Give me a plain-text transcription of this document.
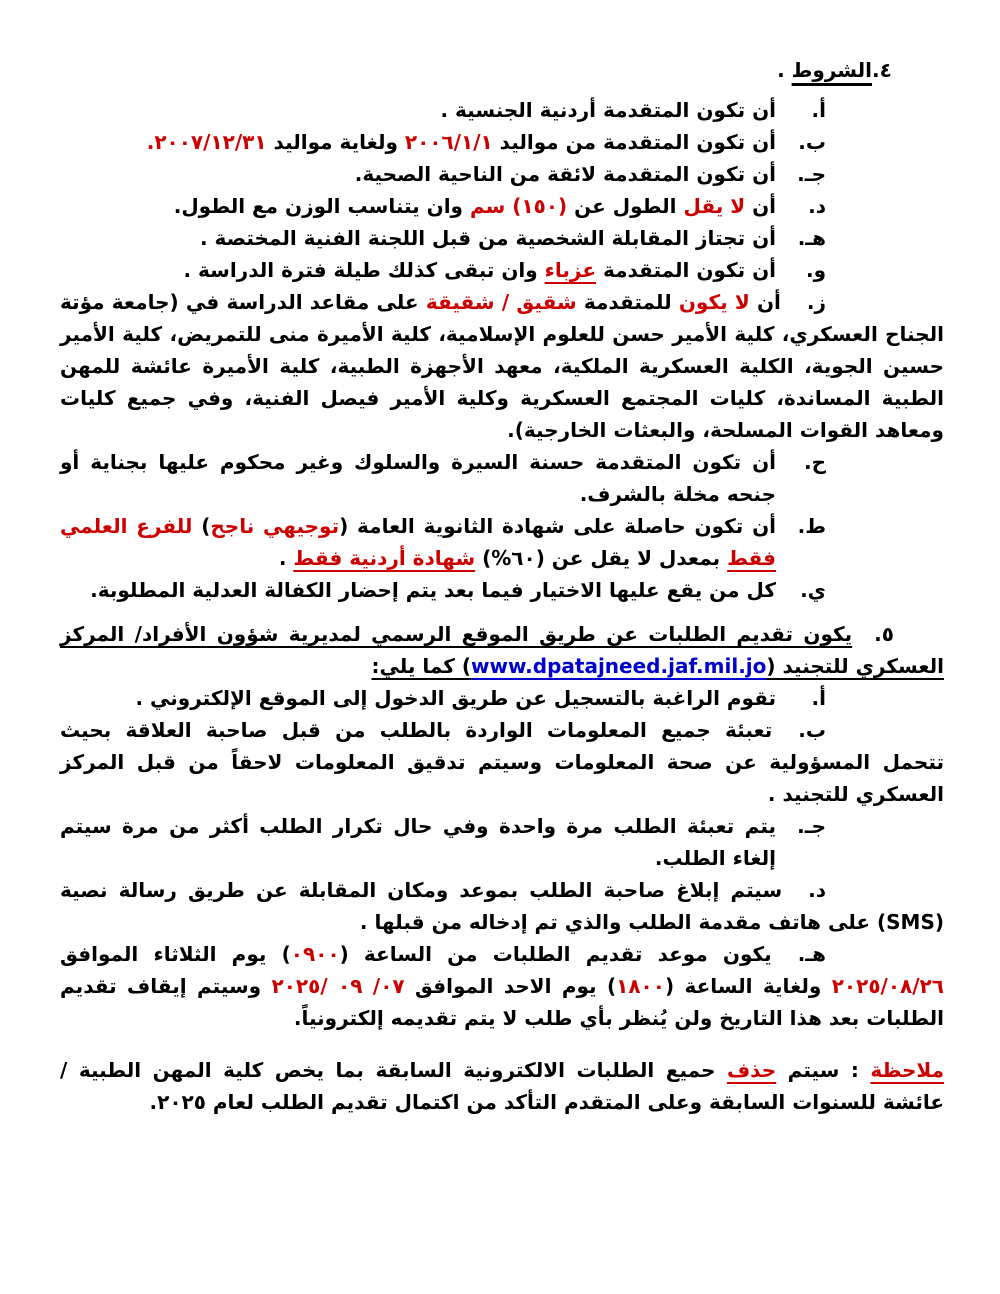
٤.
الشروط .
أ.
أن تكون المتقدمة أردنية الجنسية .
ب.
أن تكون المتقدمة من مواليد ٢٠٠٦/١/١ ولغاية مواليد ٢٠٠٧/١٢/٣١.
جـ.
أن تكون المتقدمة لائقة من الناحية الصحية.
د.
أن لا يقل الطول عن (١٥٠) سم وان يتناسب الوزن مع الطول.
هـ.
أن تجتاز المقابلة الشخصية من قبل اللجنة الفنية المختصة .
و.
أن تكون المتقدمة عزباء وان تبقى كذلك طيلة فترة الدراسة .
ز.أن لا يكون للمتقدمة شقيق / شقيقة على مقاعد الدراسة في (جامعة مؤتة الجناح العسكري، كلية الأمير حسن للعلوم الإسلامية، كلية الأميرة منى للتمريض، كلية الأمير حسين الجوية، الكلية العسكرية الملكية، معهد الأجهزة الطبية، كلية الأميرة عائشة للمهن الطبية المساندة، كليات المجتمع العسكرية وكلية الأمير فيصل الفنية، وفي جميع كليات ومعاهد القوات المسلحة، والبعثات الخارجية).
ح.
أن تكون المتقدمة حسنة السيرة والسلوك وغير محكوم عليها بجناية أو جنحه مخلة بالشرف.
ط.
أن تكون حاصلة على شهادة الثانوية العامة (توجيهي ناجح) للفرع العلمي فقط بمعدل لا يقل عن (٦٠%) شهادة أردنية فقط .
ي.
كل من يقع عليها الاختيار فيما بعد يتم إحضار الكفالة العدلية المطلوبة.
٥.يكون تقديم الطلبات عن طريق الموقع الرسمي لمديرية شؤون الأفراد/ المركز العسكري للتجنيد (www.dpatajneed.jaf.mil.jo) كما يلي:
أ.
تقوم الراغبة بالتسجيل عن طريق الدخول إلى الموقع الإلكتروني .
ب.تعبئة جميع المعلومات الواردة بالطلب من قبل صاحبة العلاقة بحيث تتحمل المسؤولية عن صحة المعلومات وسيتم تدقيق المعلومات لاحقاً من قبل المركز العسكري للتجنيد .
جـ.
يتم تعبئة الطلب مرة واحدة وفي حال تكرار الطلب أكثر من مرة سيتم إلغاء الطلب.
د.سيتم إبلاغ صاحبة الطلب بموعد ومكان المقابلة عن طريق رسالة نصية (SMS) على هاتف مقدمة الطلب والذي تم إدخاله من قبلها .
هـ.يكون موعد تقديم الطلبات من الساعة (٠٩٠٠) يوم الثلاثاء الموافق ٢٠٢٥/٠٨/٢٦ ولغاية الساعة (١٨٠٠) يوم الاحد الموافق ٠٧/ ٠٩ /٢٠٢٥ وسيتم إيقاف تقديم الطلبات بعد هذا التاريخ ولن يُنظر بأي طلب لا يتم تقديمه إلكترونياً.
ملاحظة : سيتم حذف حميع الطلبات الالكترونية السابقة بما يخص كلية المهن الطبية / عائشة للسنوات السابقة وعلى المتقدم التأكد من اكتمال تقديم الطلب لعام ٢٠٢٥.
